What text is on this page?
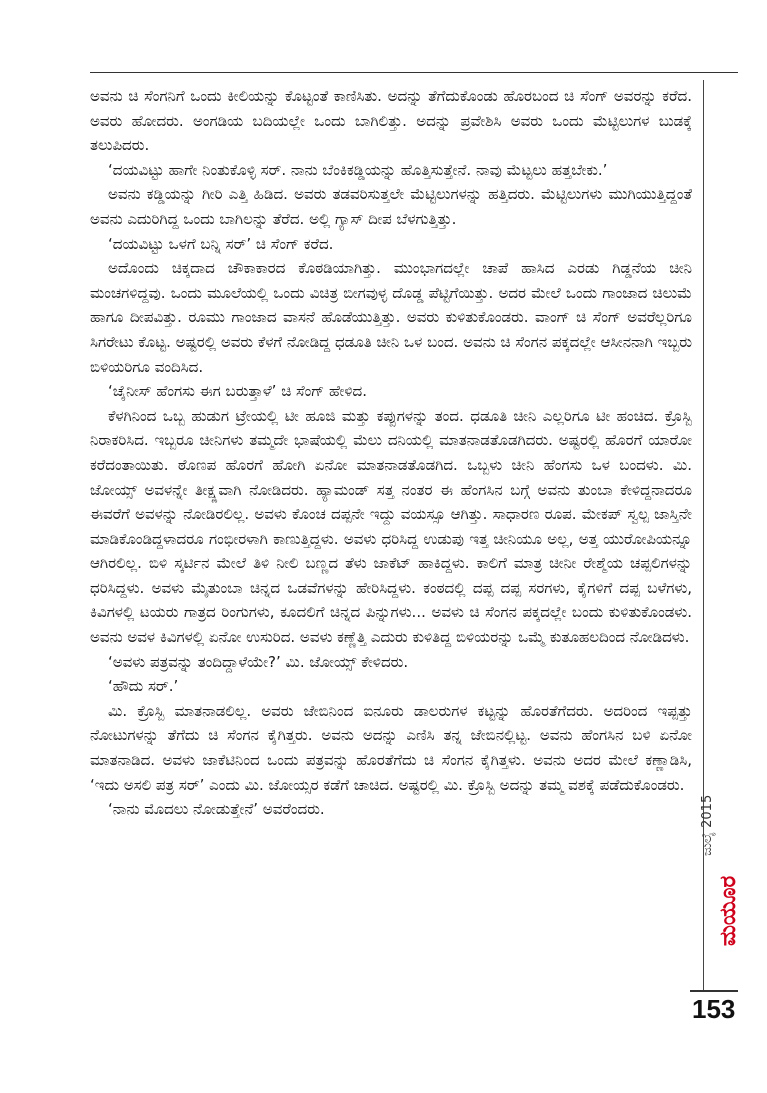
ಅವನು ಚಿ ಸೆಂಗನಿಗೆ ಒಂದು ಕೀಲಿಯನ್ನು ಕೊಟ್ಟಂತೆ ಕಾಣಿಸಿತು. ಅದನ್ನು ತೆಗೆದುಕೊಂಡು ಹೊರಬಂದ ಚಿ ಸೆಂಗ್ ಅವರನ್ನು ಕರೆದ. ಅವರು ಹೋದರು. ಅಂಗಡಿಯ ಬದಿಯಲ್ಲೇ ಒಂದು ಬಾಗಿಲಿತ್ತು. ಅದನ್ನು ಪ್ರವೇಶಿಸಿ ಅವರು ಒಂದು ಮೆಟ್ಟಿಲುಗಳ ಬುಡಕ್ಕೆ ತಲುಪಿದರು.

‘ದಯವಿಟ್ಟು ಹಾಗೇ ನಿಂತುಕೊಳ್ಳಿ ಸರ್. ನಾನು ಬೆಂಕಿಕಡ್ಡಿಯನ್ನು ಹೊತ್ತಿಸುತ್ತೇನೆ. ನಾವು ಮೆಟ್ಟಲು ಹತ್ತಬೇಕು.’

ಅವನು ಕಡ್ಡಿಯನ್ನು ಗೀರಿ ಎತ್ತಿ ಹಿಡಿದ. ಅವರು ತಡವರಿಸುತ್ತಲೇ ಮೆಟ್ಟಿಲುಗಳನ್ನು ಹತ್ತಿದರು. ಮೆಟ್ಟಿಲುಗಳು ಮುಗಿಯುತ್ತಿದ್ದಂತೆ ಅವನು ಎದುರಿಗಿದ್ದ ಒಂದು ಬಾಗಿಲನ್ನು ತೆರೆದ. ಅಲ್ಲಿ ಗ್ಯಾಸ್ ದೀಪ ಬೆಳಗುತ್ತಿತ್ತು.

‘ದಯವಿಟ್ಟು ಒಳಗೆ ಬನ್ನಿ ಸರ್’ ಚಿ ಸೆಂಗ್ ಕರೆದ.

ಅದೊಂದು ಚಿಕ್ಕದಾದ ಚೌಕಾಕಾರದ ಕೊಠಡಿಯಾಗಿತ್ತು. ಮುಂಭಾಗದಲ್ಲೇ ಚಾಪೆ ಹಾಸಿದ ಎರಡು ಗಿಡ್ಡನೆಯ ಚೀನಿ ಮಂಚಗಳಿದ್ದವು. ಒಂದು ಮೂಲೆಯಲ್ಲಿ ಒಂದು ವಿಚಿತ್ರ ಬೀಗವುಳ್ಳ ದೊಡ್ಡ ಪೆಟ್ಟಿಗೆಯಿತ್ತು. ಅದರ ಮೇಲೆ ಒಂದು ಗಾಂಜಾದ ಚಿಲುಮೆ ಹಾಗೂ ದೀಪವಿತ್ತು. ರೂಮು ಗಾಂಜಾದ ವಾಸನೆ ಹೊಡೆಯುತ್ತಿತ್ತು. ಅವರು ಕುಳಿತುಕೊಂಡರು. ವಾಂಗ್ ಚಿ ಸೆಂಗ್ ಅವರೆಲ್ಲರಿಗೂ ಸಿಗರೇಟು ಕೊಟ್ಟ. ಅಷ್ಟರಲ್ಲಿ ಅವರು ಕೆಳಗೆ ನೋಡಿದ್ದ ಧಡೂತಿ ಚೀನಿ ಒಳ ಬಂದ. ಅವನು ಚಿ ಸೆಂಗನ ಪಕ್ಕದಲ್ಲೇ ಆಸೀನನಾಗಿ ಇಬ್ಬರು ಬಿಳಿಯರಿಗೂ ವಂದಿಸಿದ.

‘ಚೈನೀಸ್ ಹೆಂಗಸು ಈಗ ಬರುತ್ತಾಳೆ’ ಚಿ ಸೆಂಗ್ ಹೇಳಿದ.

ಕೆಳಗಿನಿಂದ ಒಬ್ಬ ಹುಡುಗ ಟ್ರೇಯಲ್ಲಿ ಟೀ ಹೂಜಿ ಮತ್ತು ಕಪ್ಪುಗಳನ್ನು ತಂದ. ಧಡೂತಿ ಚೀನಿ ಎಲ್ಲರಿಗೂ ಟೀ ಹಂಚಿದ. ಕ್ರೊಸ್ಬಿ ನಿರಾಕರಿಸಿದ. ಇಬ್ಬರೂ ಚೀನಿಗಳು ತಮ್ಮದೇ ಭಾಷೆಯಲ್ಲಿ ಮೆಲು ದನಿಯಲ್ಲಿ ಮಾತನಾಡತೊಡಗಿದರು. ಅಷ್ಟರಲ್ಲಿ ಹೊರಗೆ ಯಾರೋ ಕರೆದಂತಾಯಿತು. ಠೊಣಪ ಹೊರಗೆ ಹೋಗಿ ಏನೋ ಮಾತನಾಡತೊಡಗಿದ. ಒಬ್ಬಳು ಚೀನಿ ಹೆಂಗಸು ಒಳ ಬಂದಳು. ಮಿ. ಜೋಯ್ಸ್ ಅವಳನ್ನೇ ತೀಕ್ಷ್ಣವಾಗಿ ನೋಡಿದರು. ಹ್ಯಾಮಂಡ್ ಸತ್ತ ನಂತರ ಈ ಹೆಂಗಸಿನ ಬಗ್ಗೆ ಅವನು ತುಂಬಾ ಕೇಳಿದ್ದನಾದರೂ ಈವರೆಗೆ ಅವಳನ್ನು ನೋಡಿರಲಿಲ್ಲ. ಅವಳು ಕೊಂಚ ದಪ್ಪನೇ ಇದ್ದು ವಯಸ್ಸೂ ಆಗಿತ್ತು. ಸಾಧಾರಣ ರೂಪ. ಮೇಕಪ್ ಸ್ವಲ್ಪ ಜಾಸ್ತಿನೇ ಮಾಡಿಕೊಂಡಿದ್ದಳಾದರೂ ಗಂಭೀರಳಾಗಿ ಕಾಣುತ್ತಿದ್ದಳು. ಅವಳು ಧರಿಸಿದ್ದ ಉಡುಪು ಇತ್ತ ಚೀನಿಯೂ ಅಲ್ಲ, ಅತ್ತ ಯುರೋಪಿಯನ್ನೂ ಆಗಿರಲಿಲ್ಲ. ಬಿಳಿ ಸ್ಕರ್ಟಿನ ಮೇಲೆ ತಿಳಿ ನೀಲಿ ಬಣ್ಣದ ತೆಳು ಜಾಕೆಟ್ ಹಾಕಿದ್ದಳು. ಕಾಲಿಗೆ ಮಾತ್ರ ಚೀನೀ ರೇಶ್ಮೆಯ ಚಪ್ಪಲಿಗಳನ್ನು ಧರಿಸಿದ್ದಳು. ಅವಳು ಮೈತುಂಬಾ ಚಿನ್ನದ ಒಡವೆಗಳನ್ನು ಹೇರಿಸಿದ್ದಳು. ಕಂಠದಲ್ಲಿ ದಪ್ಪ ದಪ್ಪ ಸರಗಳು, ಕೈಗಳಿಗೆ ದಪ್ಪ ಬಳೆಗಳು, ಕಿವಿಗಳಲ್ಲಿ ಟಯರು ಗಾತ್ರದ ರಿಂಗುಗಳು, ಕೂದಲಿಗೆ ಚಿನ್ನದ ಪಿನ್ನುಗಳು... ಅವಳು ಚಿ ಸೆಂಗನ ಪಕ್ಕದಲ್ಲೇ ಬಂದು ಕುಳಿತುಕೊಂಡಳು. ಅವನು ಅವಳ ಕಿವಿಗಳಲ್ಲಿ ಏನೋ ಉಸುರಿದ. ಅವಳು ಕಣ್ಣೆತ್ತಿ ಎದುರು ಕುಳಿತಿದ್ದ ಬಿಳಿಯರನ್ನು ಒಮ್ಮೆ ಕುತೂಹಲದಿಂದ ನೋಡಿದಳು.

‘ಅವಳು ಪತ್ರವನ್ನು ತಂದಿದ್ದಾಳೆಯೇ?’ ಮಿ. ಜೋಯ್ಸ್ ಕೇಳಿದರು.

‘ಹೌದು ಸರ್.’

ಮಿ. ಕ್ರೊಸ್ಬಿ ಮಾತನಾಡಲಿಲ್ಲ. ಅವರು ಜೇಬಿನಿಂದ ಐನೂರು ಡಾಲರುಗಳ ಕಟ್ಟನ್ನು ಹೊರತೆಗೆದರು. ಅದರಿಂದ ಇಪ್ಪತ್ತು ನೋಟುಗಳನ್ನು ತೆಗೆದು ಚಿ ಸೆಂಗನ ಕೈಗಿತ್ತರು. ಅವನು ಅದನ್ನು ಎಣಿಸಿ ತನ್ನ ಜೇಬಿನಲ್ಲಿಟ್ಟ. ಅವನು ಹೆಂಗಸಿನ ಬಳಿ ಏನೋ ಮಾತನಾಡಿದ. ಅವಳು ಜಾಕೆಟಿನಿಂದ ಒಂದು ಪತ್ರವನ್ನು ಹೊರತೆಗೆದು ಚಿ ಸೆಂಗನ ಕೈಗಿತ್ತಳು. ಅವನು ಅದರ ಮೇಲೆ ಕಣ್ಣಾಡಿಸಿ, ‘ಇದು ಅಸಲಿ ಪತ್ರ ಸರ್’ ಎಂದು ಮಿ. ಜೋಯ್ಸರ ಕಡೆಗೆ ಚಾಚಿದ. ಅಷ್ಟರಲ್ಲಿ ಮಿ. ಕ್ರೊಸ್ಬಿ ಅದನ್ನು ತಮ್ಮ ವಶಕ್ಕೆ ಪಡೆದುಕೊಂಡರು.

‘ನಾನು ಮೊದಲು ನೋಡುತ್ತೇನೆ’ ಅವರೆಂದರು.	ಜುಲೈ 2015
ಮಯೂರ
153
